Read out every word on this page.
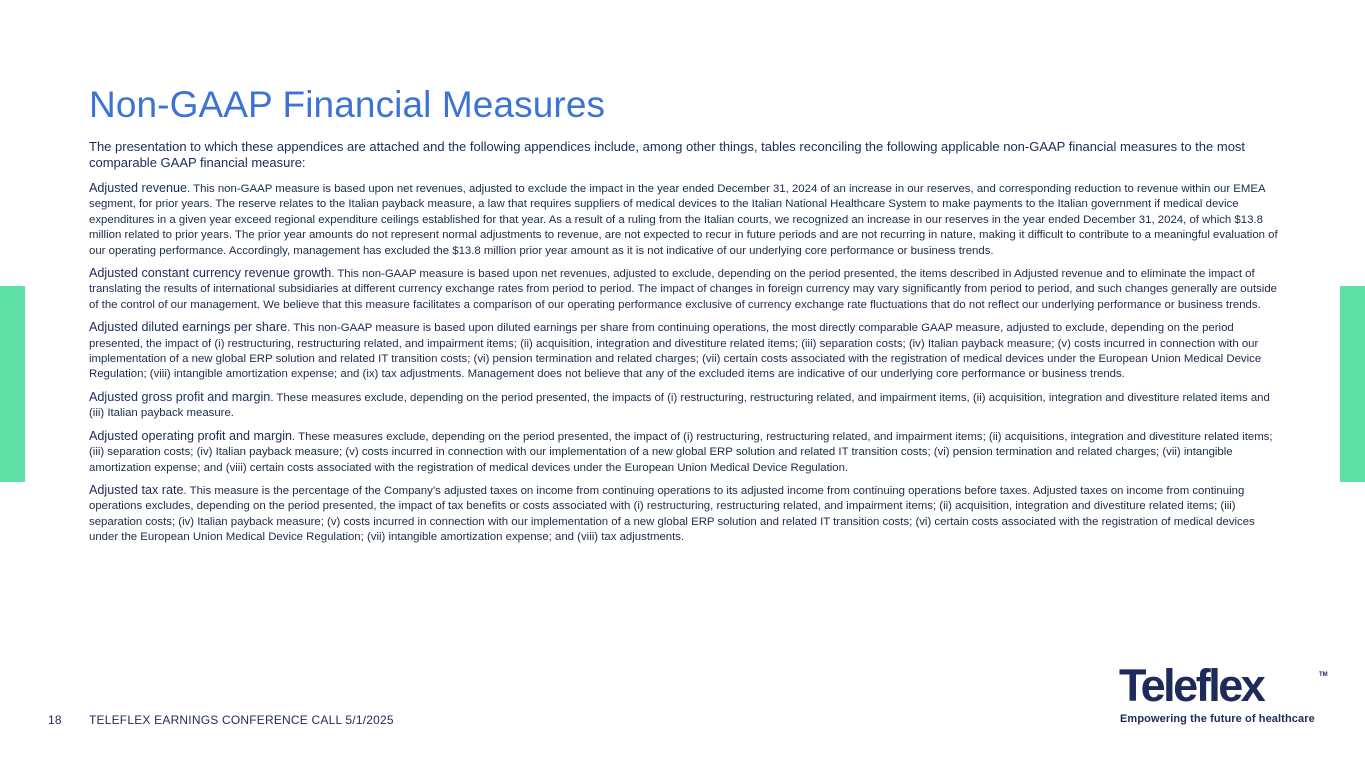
Non-GAAP Financial Measures

The presentation to which these appendices are attached and the following appendices include, among other things, tables reconciling the following applicable non-GAAP financial measures to the most comparable GAAP financial measure:

Adjusted revenue. This non-GAAP measure is based upon net revenues, adjusted to exclude the impact in the year ended December 31, 2024 of an increase in our reserves, and corresponding reduction to revenue within our EMEA segment, for prior years. The reserve relates to the Italian payback measure, a law that requires suppliers of medical devices to the Italian National Healthcare System to make payments to the Italian government if medical device expenditures in a given year exceed regional expenditure ceilings established for that year. As a result of a ruling from the Italian courts, we recognized an increase in our reserves in the year ended December 31, 2024, of which $13.8 million related to prior years. The prior year amounts do not represent normal adjustments to revenue, are not expected to recur in future periods and are not recurring in nature, making it difficult to contribute to a meaningful evaluation of our operating performance. Accordingly, management has excluded the $13.8 million prior year amount as it is not indicative of our underlying core performance or business trends.

Adjusted constant currency revenue growth. This non-GAAP measure is based upon net revenues, adjusted to exclude, depending on the period presented, the items described in Adjusted revenue and to eliminate the impact of translating the results of international subsidiaries at different currency exchange rates from period to period. The impact of changes in foreign currency may vary significantly from period to period, and such changes generally are outside of the control of our management. We believe that this measure facilitates a comparison of our operating performance exclusive of currency exchange rate fluctuations that do not reflect our underlying performance or business trends.

Adjusted diluted earnings per share. This non-GAAP measure is based upon diluted earnings per share from continuing operations, the most directly comparable GAAP measure, adjusted to exclude, depending on the period presented, the impact of (i) restructuring, restructuring related, and impairment items; (ii) acquisition, integration and divestiture related items; (iii) separation costs; (iv) Italian payback measure; (v) costs incurred in connection with our implementation of a new global ERP solution and related IT transition costs; (vi) pension termination and related charges; (vii) certain costs associated with the registration of medical devices under the European Union Medical Device Regulation; (viii) intangible amortization expense; and (ix) tax adjustments. Management does not believe that any of the excluded items are indicative of our underlying core performance or business trends.

Adjusted gross profit and margin. These measures exclude, depending on the period presented, the impacts of (i) restructuring, restructuring related, and impairment items, (ii) acquisition, integration and divestiture related items and (iii) Italian payback measure.

Adjusted operating profit and margin. These measures exclude, depending on the period presented, the impact of (i) restructuring, restructuring related, and impairment items; (ii) acquisitions, integration and divestiture related items; (iii) separation costs; (iv) Italian payback measure; (v) costs incurred in connection with our implementation of a new global ERP solution and related IT transition costs; (vi) pension termination and related charges; (vii) intangible amortization expense; and (viii) certain costs associated with the registration of medical devices under the European Union Medical Device Regulation.

Adjusted tax rate. This measure is the percentage of the Company’s adjusted taxes on income from continuing operations to its adjusted income from continuing operations before taxes. Adjusted taxes on income from continuing operations excludes, depending on the period presented, the impact of tax benefits or costs associated with (i) restructuring, restructuring related, and impairment items; (ii) acquisition, integration and divestiture related items; (iii) separation costs; (iv) Italian payback measure; (v) costs incurred in connection with our implementation of a new global ERP solution and related IT transition costs; (vi) certain costs associated with the registration of medical devices under the European Union Medical Device Regulation; (vii) intangible amortization expense; and (viii) tax adjustments.

18 TELEFLEX EARNINGS CONFERENCE CALL 5/1/2025
Teleflex	TM
Empowering the future of healthcare
